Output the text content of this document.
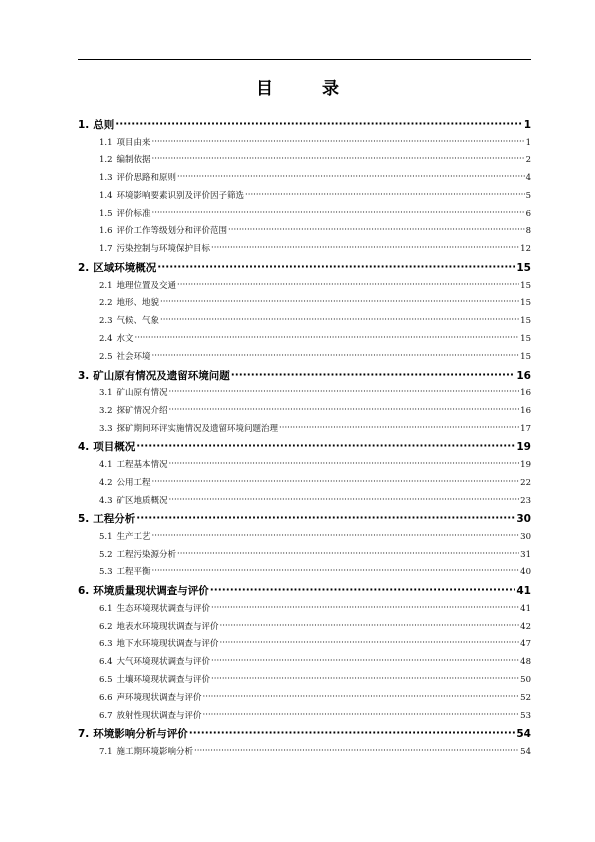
目　录
1. 总则 ·····	1
1.1 项目由来 ·····	1
1.2 编制依据 ·····	2
1.3 评价思路和原则 ·····	4
1.4 环境影响要素识别及评价因子筛选 ·····	5
1.5 评价标准 ·····	6
1.6 评价工作等级划分和评价范围 ·····	8
1.7 污染控制与环境保护目标 ·····	12
2. 区域环境概况 ·····	15
2.1 地理位置及交通 ·····	15
2.2 地形、地貌 ·····	15
2.3 气候、气象 ·····	15
2.4 水文 ·····	15
2.5 社会环境 ·····	15
3. 矿山原有情况及遗留环境问题 ·····	16
3.1 矿山原有情况 ·····	16
3.2 探矿情况介绍 ·····	16
3.3 探矿期间环评实施情况及遗留环境问题治理 ·····	17
4. 项目概况 ·····	19
4.1 工程基本情况 ·····	19
4.2 公用工程 ·····	22
4.3 矿区地质概况 ·····	23
5. 工程分析 ·····	30
5.1 生产工艺 ·····	30
5.2 工程污染源分析 ·····	31
5.3 工程平衡 ·····	40
6. 环境质量现状调查与评价 ·····	41
6.1 生态环境现状调查与评价 ·····	41
6.2 地表水环境现状调查与评价 ·····	42
6.3 地下水环境现状调查与评价 ·····	47
6.4 大气环境现状调查与评价 ·····	48
6.5 土壤环境现状调查与评价 ·····	50
6.6 声环境现状调查与评价 ·····	52
6.7 放射性现状调查与评价 ·····	53
7. 环境影响分析与评价 ·····	54
7.1 施工期环境影响分析 ·····	54
